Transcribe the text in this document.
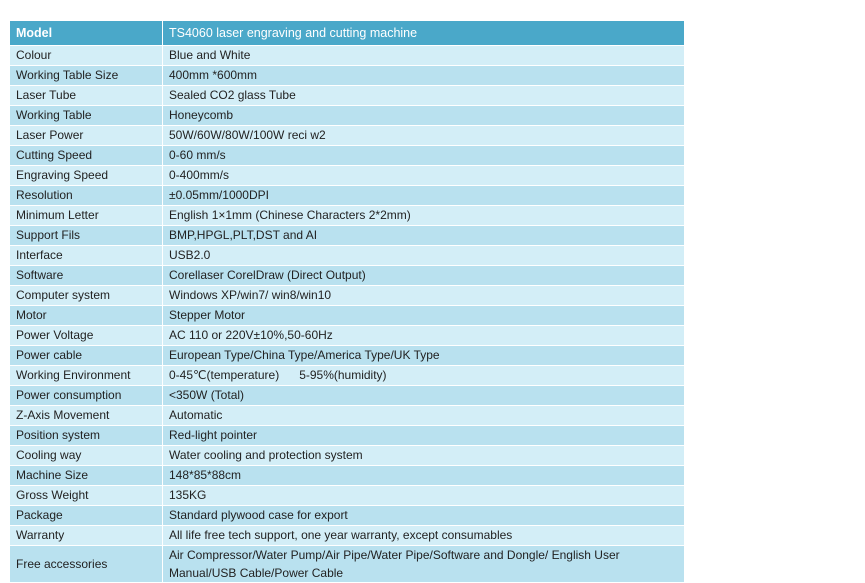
Model	TS4060 laser engraving and cutting machine
Colour	Blue and White
Working Table Size	400mm *600mm
Laser Tube	Sealed CO2 glass Tube
Working Table	Honeycomb
Laser Power	50W/60W/80W/100W reci w2
Cutting Speed	0-60 mm/s
Engraving Speed	0-400mm/s
Resolution	±0.05mm/1000DPI
Minimum Letter	English 1×1mm (Chinese Characters 2*2mm)
Support Fils	BMP,HPGL,PLT,DST and AI
Interface	USB2.0
Software	Corellaser CorelDraw (Direct Output)
Computer system	Windows XP/win7/ win8/win10
Motor	Stepper Motor
Power Voltage	AC 110 or 220V±10%,50-60Hz
Power cable	European Type/China Type/America Type/UK Type
Working Environment	0-45℃(temperature)      5-95%(humidity)
Power consumption	<350W (Total)
Z-Axis Movement	Automatic
Position system	Red-light pointer
Cooling way	Water cooling and protection system
Machine Size	148*85*88cm
Gross Weight	135KG
Package	Standard plywood case for export
Warranty	All life free tech support, one year warranty, except consumables
Free accessories	Air Compressor/Water Pump/Air Pipe/Water Pipe/Software and Dongle/ English User Manual/USB Cable/Power Cable
